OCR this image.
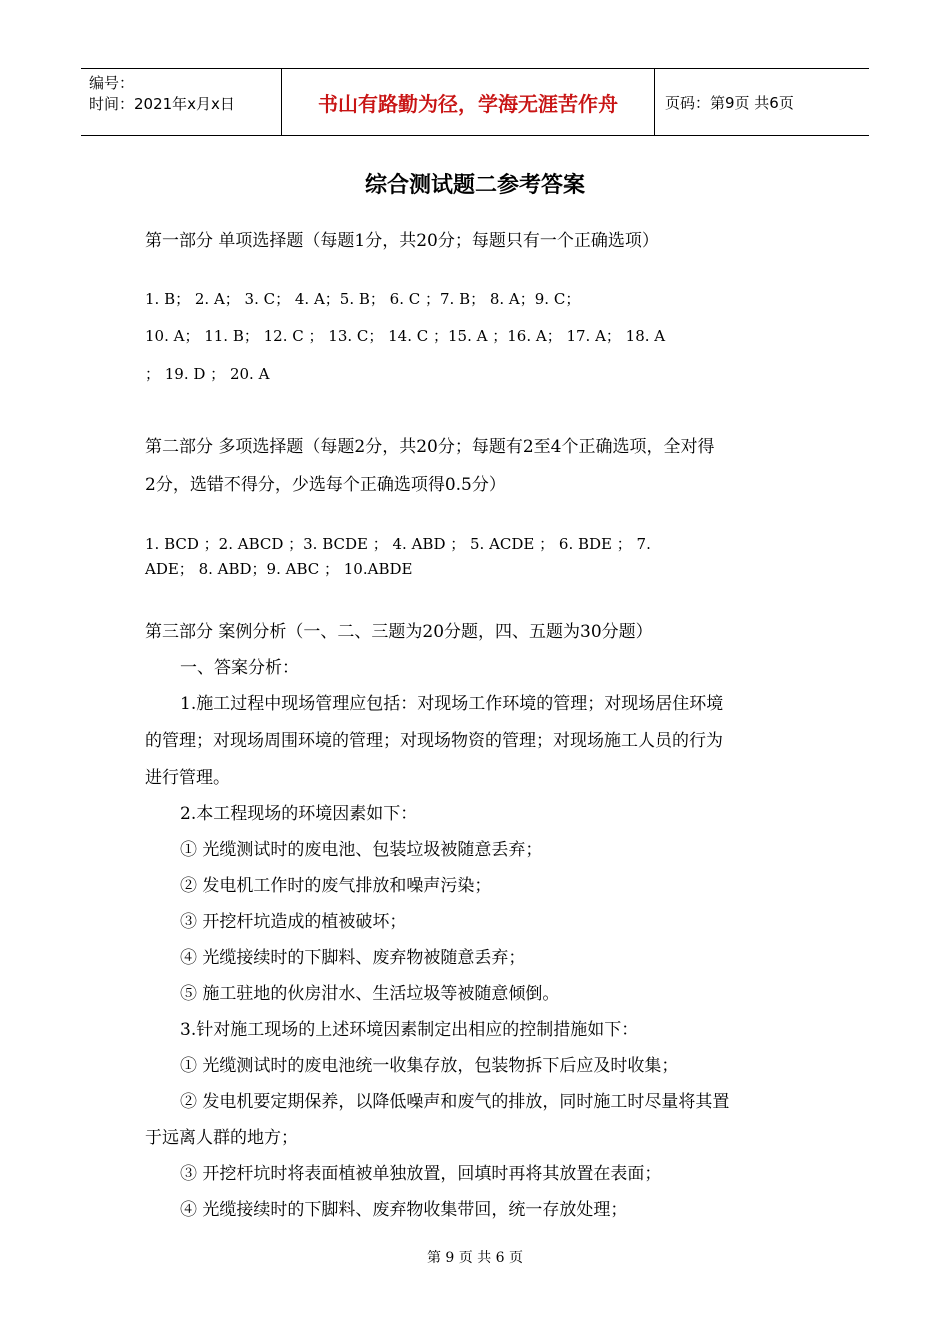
编号：
时间：2021年x月x日	书山有路勤为径，学海无涯苦作舟	页码：第9页 共6页
综合测试题二参考答案
第一部分 单项选择题（每题1分，共20分；每题只有一个正确选项）
1. B； 2. A； 3. C； 4. A；5. B； 6. C ；7. B； 8. A；9. C；
10. A； 11. B； 12. C ； 13. C； 14. C ；15. A ；16. A； 17. A； 18. A
； 19. D ； 20. A
第二部分 多项选择题（每题2分，共20分；每题有2至4个正确选项，全对得
2分，选错不得分，少选每个正确选项得0.5分）
1. BCD ；2. ABCD ；3. BCDE ； 4. ABD ； 5. ACDE ； 6. BDE ； 7.
ADE； 8. ABD；9. ABC ； 10.ABDE
第三部分 案例分析（一、二、三题为20分题，四、五题为30分题）
一、答案分析：
1.施工过程中现场管理应包括：对现场工作环境的管理；对现场居住环境
的管理；对现场周围环境的管理；对现场物资的管理；对现场施工人员的行为
进行管理。
2.本工程现场的环境因素如下：
① 光缆测试时的废电池、包装垃圾被随意丢弃；
② 发电机工作时的废气排放和噪声污染；
③ 开挖杆坑造成的植被破坏；
④ 光缆接续时的下脚料、废弃物被随意丢弃；
⑤ 施工驻地的伙房泔水、生活垃圾等被随意倾倒。
3.针对施工现场的上述环境因素制定出相应的控制措施如下：
① 光缆测试时的废电池统一收集存放，包装物拆下后应及时收集；
② 发电机要定期保养，以降低噪声和废气的排放，同时施工时尽量将其置
于远离人群的地方；
③ 开挖杆坑时将表面植被单独放置，回填时再将其放置在表面；
④ 光缆接续时的下脚料、废弃物收集带回，统一存放处理；
第 9 页 共 6 页
